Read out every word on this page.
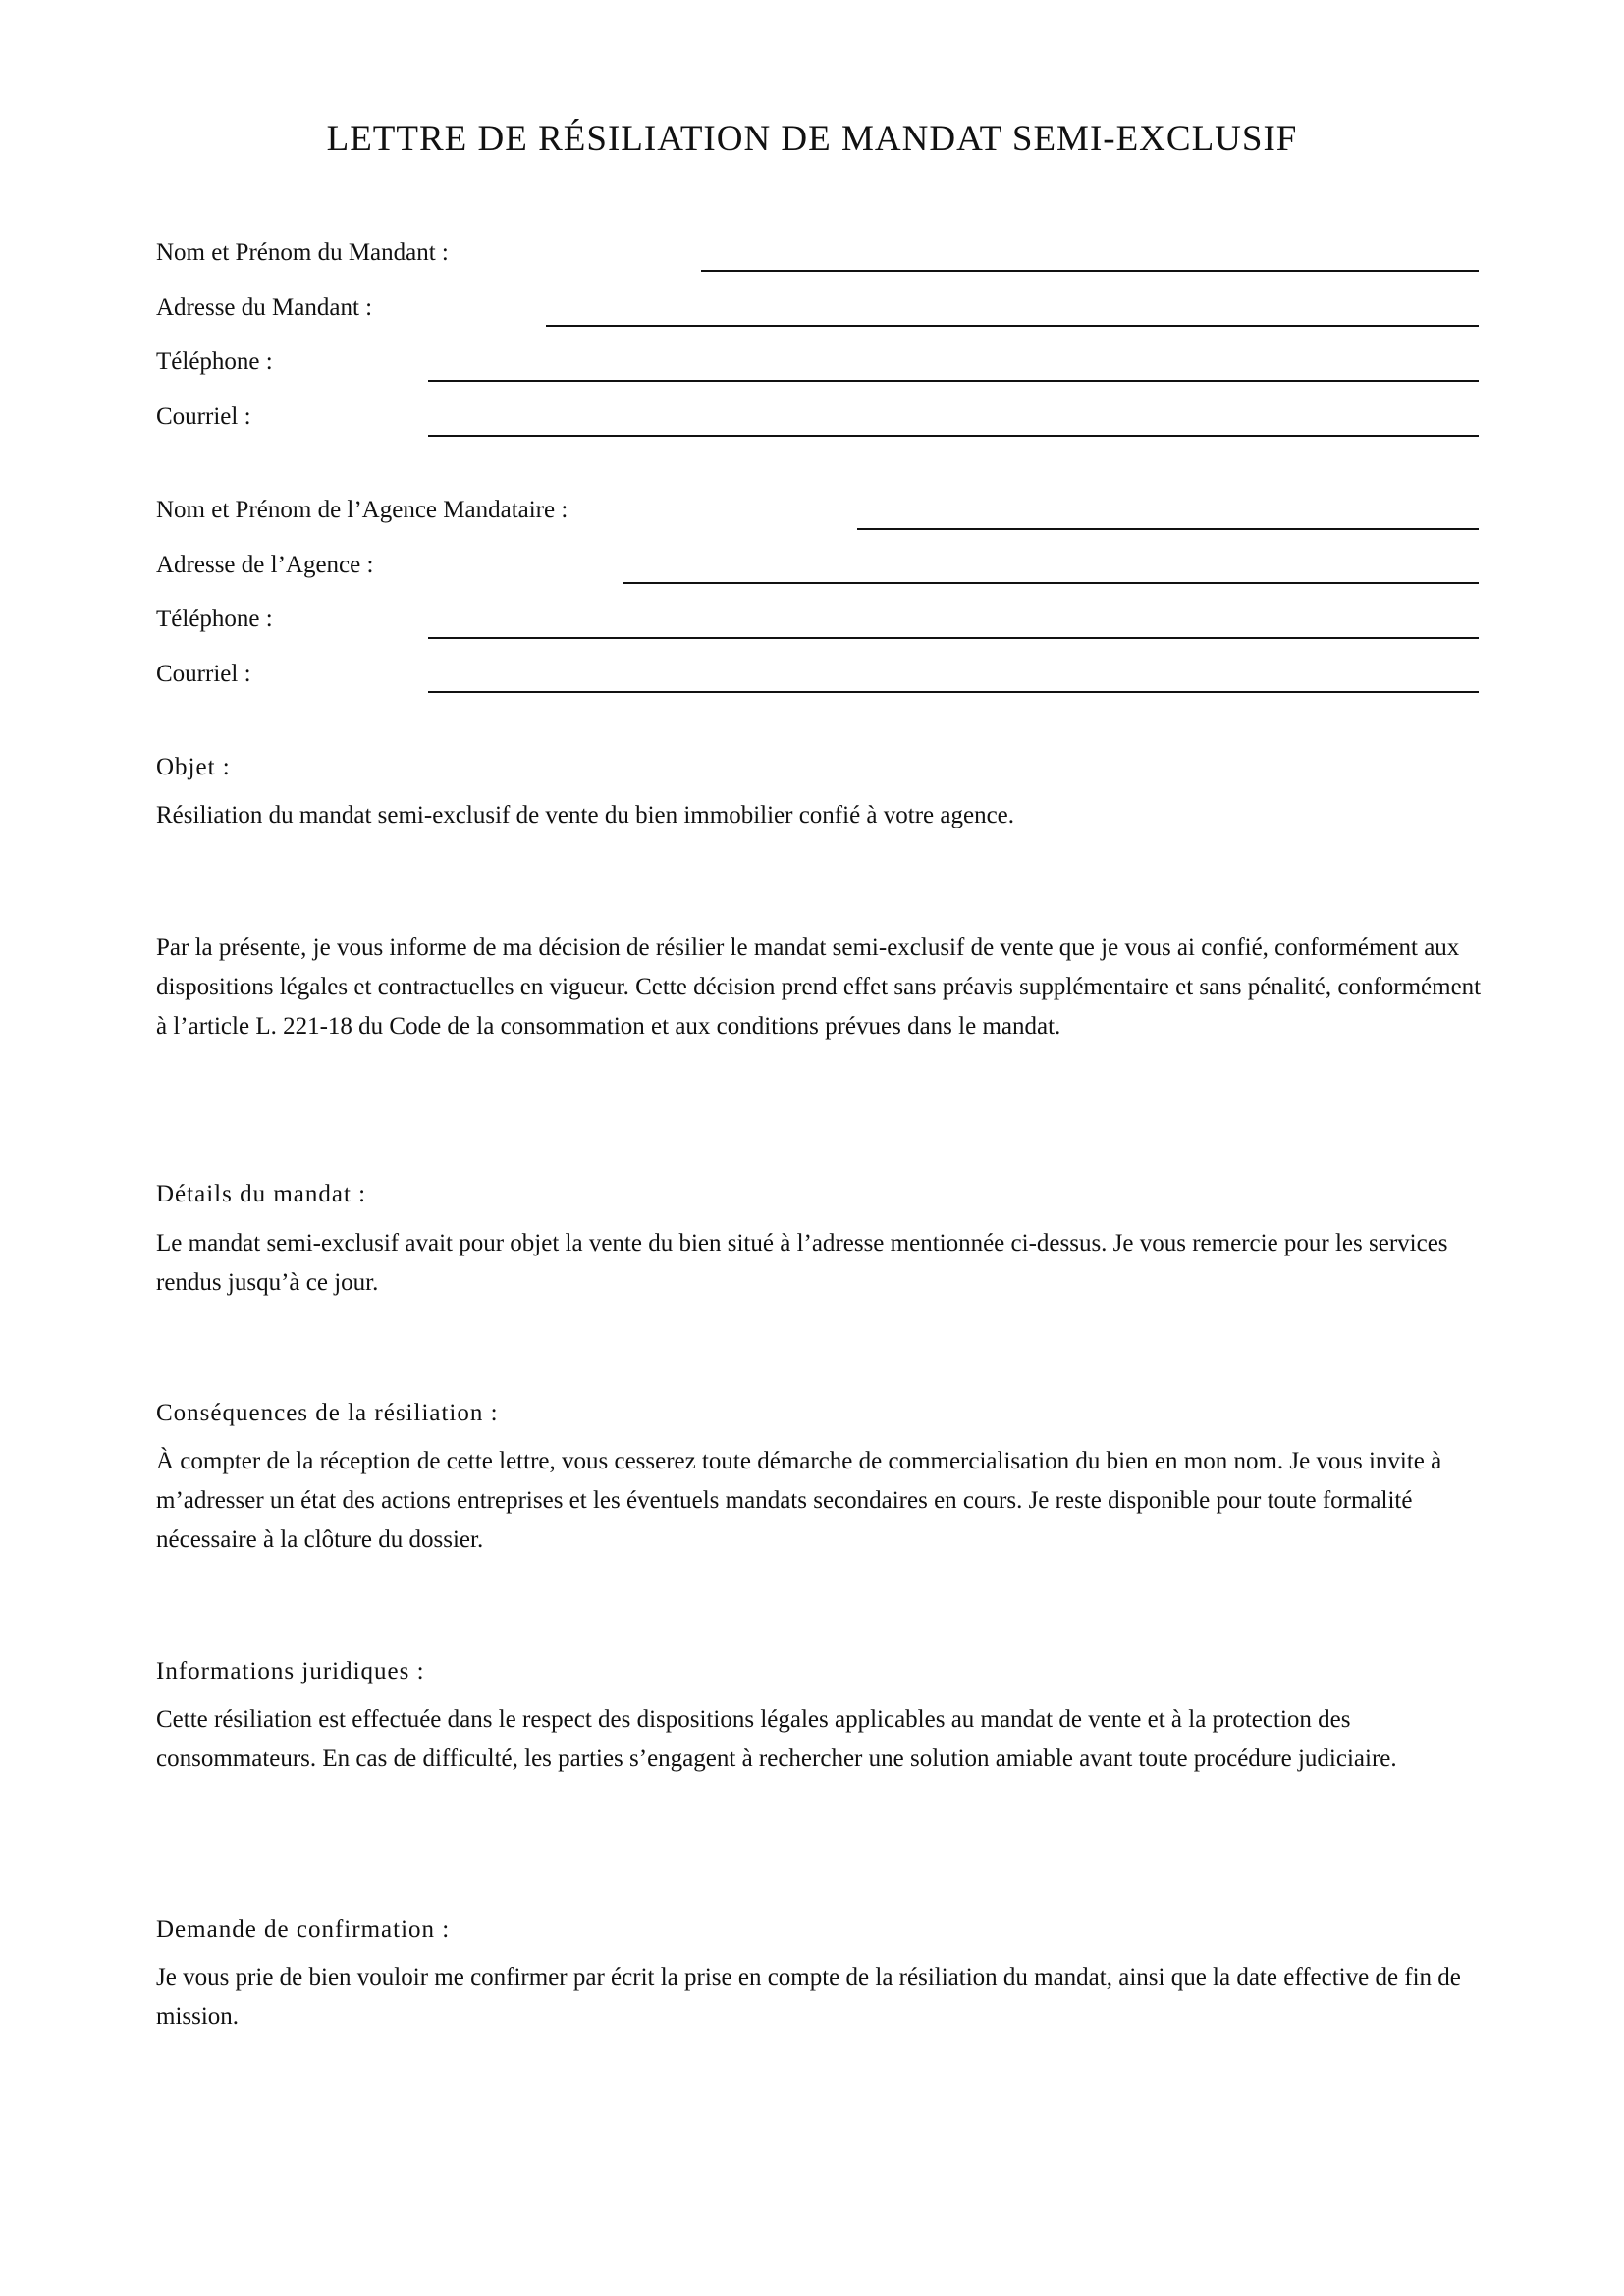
LETTRE DE RÉSILIATION DE MANDAT SEMI-EXCLUSIF
Nom et Prénom du Mandant :
Adresse du Mandant :
Téléphone :
Courriel :
Nom et Prénom de l’Agence Mandataire :
Adresse de l’Agence :
Téléphone :
Courriel :
Objet :

Résiliation du mandat semi-exclusif de vente du bien immobilier confié à votre agence.

Par la présente, je vous informe de ma décision de résilier le mandat semi-exclusif de vente que je vous ai confié, conformément aux dispositions légales et contractuelles en vigueur. Cette décision prend effet sans préavis supplémentaire et sans pénalité, conformément à l’article L. 221-18 du Code de la consommation et aux conditions prévues dans le mandat.

Détails du mandat :

Le mandat semi-exclusif avait pour objet la vente du bien situé à l’adresse mentionnée ci-dessus. Je vous remercie pour les services rendus jusqu’à ce jour.

Conséquences de la résiliation :

À compter de la réception de cette lettre, vous cesserez toute démarche de commercialisation du bien en mon nom. Je vous invite à m’adresser un état des actions entreprises et les éventuels mandats secondaires en cours. Je reste disponible pour toute formalité nécessaire à la clôture du dossier.

Informations juridiques :

Cette résiliation est effectuée dans le respect des dispositions légales applicables au mandat de vente et à la protection des consommateurs. En cas de difficulté, les parties s’engagent à rechercher une solution amiable avant toute procédure judiciaire.

Demande de confirmation :

Je vous prie de bien vouloir me confirmer par écrit la prise en compte de la résiliation du mandat, ainsi que la date effective de fin de mission.
